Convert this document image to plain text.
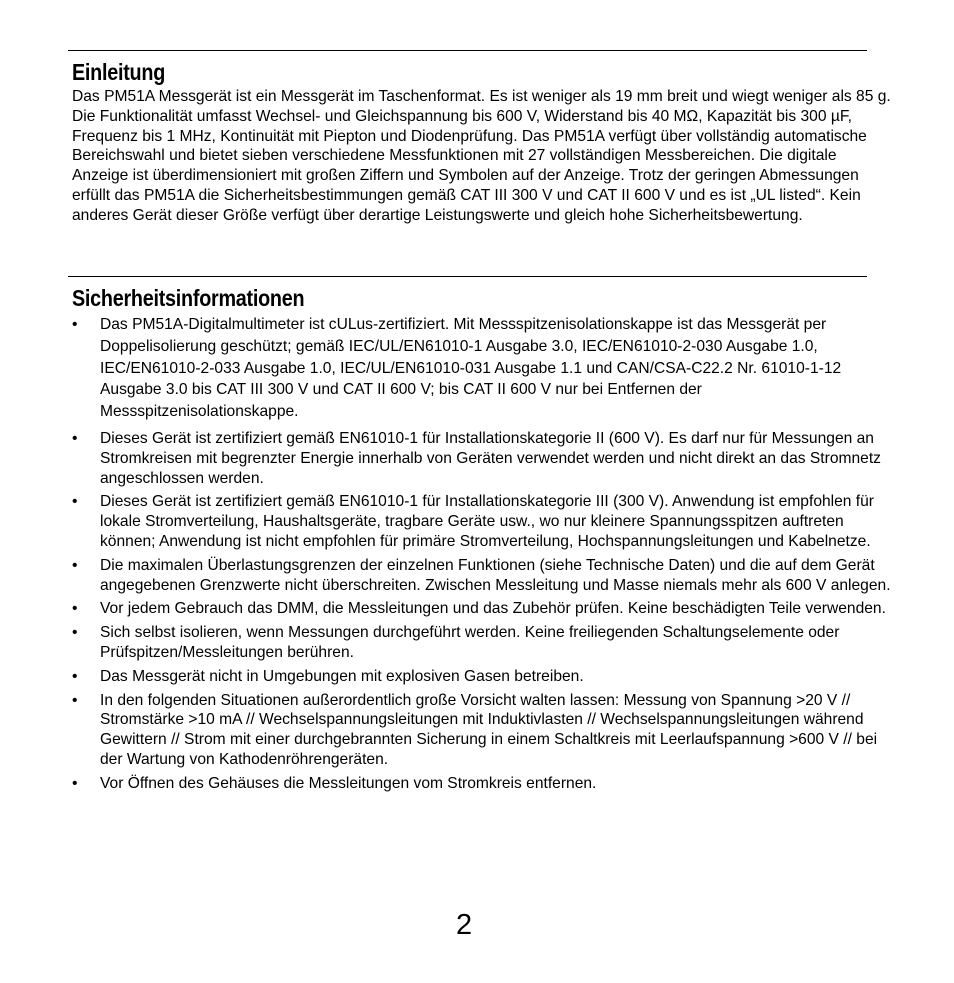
Einleitung

Das PM51A Messgerät ist ein Messgerät im Taschenformat. Es ist weniger als 19 mm breit und wiegt weniger als 85 g. Die Funktionalität umfasst Wechsel- und Gleichspannung bis 600 V, Widerstand bis 40 MΩ, Kapazität bis 300 µF, Frequenz bis 1 MHz, Kontinuität mit Piepton und Diodenprüfung. Das PM51A verfügt über vollständig automatische Bereichswahl und bietet sieben verschiedene Messfunktionen mit 27 vollständigen Messbereichen. Die digitale Anzeige ist überdimensioniert mit großen Ziffern und Symbolen auf der Anzeige. Trotz der geringen Abmessungen erfüllt das PM51A die Sicherheitsbestimmungen gemäß CAT III 300 V und CAT II 600 V und es ist „UL listed“. Kein anderes Gerät dieser Größe verfügt über derartige Leistungswerte und gleich hohe Sicherheitsbewertung.

Sicherheitsinformationen
• Das PM51A-Digitalmultimeter ist cULus-zertifiziert. Mit Messspitzenisolationskappe ist das Messgerät per Doppelisolierung geschützt; gemäß IEC/UL/EN61010-1 Ausgabe 3.0, IEC/EN61010-2-030 Ausgabe 1.0, IEC/EN61010-2-033 Ausgabe 1.0, IEC/UL/EN61010-031 Ausgabe 1.1 und CAN/CSA-C22.2 Nr. 61010-1-12 Ausgabe 3.0 bis CAT III 300 V und CAT II 600 V; bis CAT II 600 V nur bei Entfernen der Messspitzenisolationskappe.
• Dieses Gerät ist zertifiziert gemäß EN61010-1 für Installationskategorie II (600 V). Es darf nur für Messungen an Stromkreisen mit begrenzter Energie innerhalb von Geräten verwendet werden und nicht direkt an das Stromnetz angeschlossen werden.
• Dieses Gerät ist zertifiziert gemäß EN61010-1 für Installationskategorie III (300 V). Anwendung ist empfohlen für lokale Stromverteilung, Haushaltsgeräte, tragbare Geräte usw., wo nur kleinere Spannungsspitzen auftreten können; Anwendung ist nicht empfohlen für primäre Stromverteilung, Hochspannungsleitungen und Kabelnetze.
• Die maximalen Überlastungsgrenzen der einzelnen Funktionen (siehe Technische Daten) und die auf dem Gerät angegebenen Grenzwerte nicht überschreiten. Zwischen Messleitung und Masse niemals mehr als 600 V anlegen.
• Vor jedem Gebrauch das DMM, die Messleitungen und das Zubehör prüfen. Keine beschädigten Teile verwenden.
• Sich selbst isolieren, wenn Messungen durchgeführt werden. Keine freiliegenden Schaltungselemente oder Prüfspitzen/Messleitungen berühren.
• Das Messgerät nicht in Umgebungen mit explosiven Gasen betreiben.
• In den folgenden Situationen außerordentlich große Vorsicht walten lassen: Messung von Spannung >20 V // Stromstärke >10 mA // Wechselspannungsleitungen mit Induktivlasten // Wechselspannungsleitungen während Gewittern // Strom mit einer durchgebrannten Sicherung in einem Schaltkreis mit Leerlaufspannung >600 V // bei der Wartung von Kathodenröhrengeräten.
• Vor Öffnen des Gehäuses die Messleitungen vom Stromkreis entfernen.

2
